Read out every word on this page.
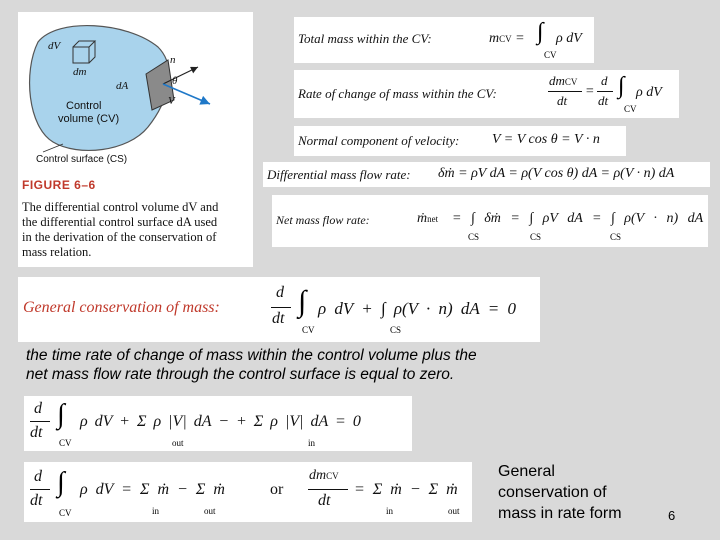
dV
dm
dA
n
θ
V
Control
volume (CV)
Control surface (CS)
FIGURE 6–6
The differential control volume dV and
the differential control surface dA used
in the derivation of the conservation of
mass relation.
Total mass within the CV:	mCV = ∫
CV
ρ dV
Rate of change of mass within the CV:
dmCV
dt
=
d
dt
∫
CV
ρ dV
Normal component of velocity: V = V cos θ = V · n
Differential mass flow rate: δṁ = ρV dA = ρ(V cos θ) dA = ρ(V · n) dA
Net mass flow rate:	ṁnet = ∫ δṁ = ∫ ρV dA = ∫ ρ(V · n) dA
CS	CS	CS
General conservation of mass:
d
dt
∫
CV
ρ dV + ∫ ρ(V · n) dA = 0
CS
the time rate of change of mass within the control volume plus the
net mass flow rate through the control surface is equal to zero.
d
dt
∫
CV
ρ dV + Σ ρ |V| dA − + Σ ρ |V| dA = 0
out	in
d
dt
∫
CV
ρ dV = Σ ṁ − Σ ṁ
in	out
or
dmCV
dt
= Σ ṁ − Σ ṁ
in	out
General
conservation of
mass in rate form	6
